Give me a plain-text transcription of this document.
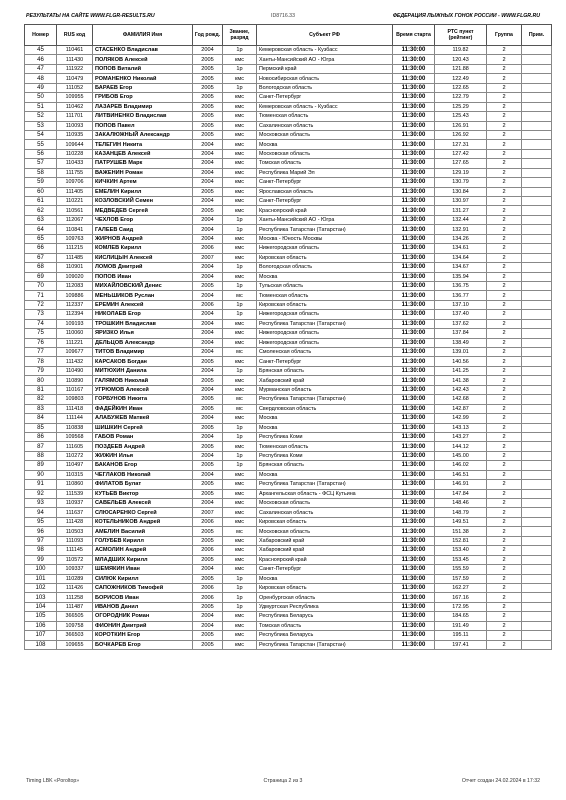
РЕЗУЛЬТАТЫ НА САЙТЕ WWW.FLGR-RESULTS.RU	ID8716.33	ФЕДЕРАЦИЯ ЛЫЖНЫХ ГОНОК РОССИИ - WWW.FLGR.RU
Номер	RUS код	ФАМИЛИЯ Имя	Год рожд.	Звание, разряд	Субъект РФ	Время старта	РТС пункт (рейтинг)	Группа	Прим.
45	110461	СТАСЕНКО Владислав	2004	1р	Кемеровская область - Кузбасс	11:30:00	119.82	2	
46	111430	ПОЛЯКОВ Алексей	2005	кмс	Ханты-Мансийский АО - Югра	11:30:00	120.43	2	
47	111922	ПОПОВ Виталий	2005	1р	Пермский край	11:30:00	121.88	2	
48	110479	РОМАНЕНКО Николай	2005	кмс	Новосибирская область	11:30:00	122.49	2	
49	111052	БАРАЕВ Егор	2005	1р	Вологодская область	11:30:00	122.65	2	
50	109955	ГРИБОВ Егор	2005	кмс	Санкт-Петербург	11:30:00	122.79	2	
51	110462	ЛАЗАРЕВ Владимир	2005	кмс	Кемеровская область - Кузбасс	11:30:00	125.29	2	
52	111701	ЛИТВИНЕНКО Владислав	2005	кмс	Тюменская область	11:30:00	125.43	2	
53	110093	ПОПОВ Павел	2005	кмс	Сахалинская область	11:30:00	126.91	2	
54	110935	ЗАКАЛЮЖНЫЙ Александр	2005	кмс	Московская область	11:30:00	126.92	2	
55	109644	ТЕЛЕГИН Никита	2004	кмс	Москва	11:30:00	127.31	2	
56	110228	КАЗАНЦЕВ Алексей	2004	кмс	Московская область	11:30:00	127.42	2	
57	110433	ПАТРУШЕВ Марк	2004	кмс	Томская область	11:30:00	127.65	2	
58	111755	ВАЖЕНИН Роман	2004	кмс	Республика Марий Эл	11:30:00	129.19	2	
59	109706	КИЧКИН Артем	2004	кмс	Санкт-Петербург	11:30:00	130.79	2	
60	111405	ЕМЕЛИН Кирилл	2005	кмс	Ярославская область	11:30:00	130.84	2	
61	110221	КОЗЛОВСКИЙ Семен	2004	кмс	Санкт-Петербург	11:30:00	130.97	2	
62	110561	МЕДВЕДЕВ Сергей	2005	кмс	Красноярский край	11:30:00	131.27	2	
63	112067	ЧЕХЛОВ Егор	2004	1р	Ханты-Мансийский АО - Югра	11:30:00	132.44	2	
64	110841	ГАЛЕЕВ Саид	2004	1р	Республика Татарстан (Татарстан)	11:30:00	132.91	2	
65	109763	ЖИРНОВ Андрей	2004	кмс	Москва - Юность Москвы	11:30:00	134.26	2	
66	111215	КОМЛЕВ Кирилл	2006	кмс	Нижегородская область	11:30:00	134.61	2	
67	111485	КИСЛИЦЫН Алексей	2007	кмс	Кировская область	11:30:00	134.64	2	
68	110901	ЛОМОВ Дмитрий	2004	1р	Вологодская область	11:30:00	134.67	2	
69	109020	ПОПОВ Иван	2004	кмс	Москва	11:30:00	135.94	2	
70	112083	МИХАЙЛОВСКИЙ Денис	2005	1р	Тульская область	11:30:00	136.75	2	
71	109886	МЕНЬШИКОВ Руслан	2004	мс	Тюменская область	11:30:00	136.77	2	
72	112337	ЕРЕМИН Алексей	2006	1р	Кировская область	11:30:00	137.10	2	
73	112394	НИКОЛАЕВ Егор	2004	1р	Нижегородская область	11:30:00	137.40	2	
74	109193	ТРОШКИН Владислав	2004	кмс	Республика Татарстан (Татарстан)	11:30:00	137.62	2	
75	110060	ЯРИЗКО Илья	2004	кмс	Нижегородская область	11:30:00	137.84	2	
76	111221	ДЕЛЬЦОВ Александр	2004	кмс	Нижегородская область	11:30:00	138.49	2	
77	109677	ТИТОВ Владимир	2004	мс	Смоленская область	11:30:00	139.01	2	
78	111432	КАРСАКОВ Богдан	2005	кмс	Санкт-Петербург	11:30:00	140.56	2	
79	110490	МИТЮХИН Данила	2004	1р	Брянская область	11:30:00	141.25	2	
80	110890	ГАЛЯМОВ Николай	2005	кмс	Хабаровский край	11:30:00	141.38	2	
81	110167	УГРЮМОВ Алексей	2004	кмс	Мурманская область	11:30:00	142.43	2	
82	109803	ГОРБУНОВ Никита	2005	мс	Республика Татарстан (Татарстан)	11:30:00	142.68	2	
83	111418	ФАДЕЙКИН Иван	2005	мс	Свердловская область	11:30:00	142.87	2	
84	111144	АЛАБУЖЕВ Матвей	2004	кмс	Москва	11:30:00	142.99	2	
85	110838	ШИШКИН Сергей	2005	1р	Москва	11:30:00	143.13	2	
86	109568	ГАБОВ Роман	2004	1р	Республика Коми	11:30:00	143.27	2	
87	111605	ПОЗДЕЕВ Андрей	2005	кмс	Тюменская область	11:30:00	144.12	2	
88	110272	ЖИЖИН Илья	2004	1р	Республика Коми	11:30:00	145.00	2	
89	110497	БАКАНОВ Егор	2005	1р	Брянская область	11:30:00	146.02	2	
90	110315	ЧЕГЛАКОВ Николай	2004	кмс	Москва	11:30:00	146.51	2	
91	110860	ФИЛАТОВ Булат	2005	кмс	Республика Татарстан (Татарстан)	11:30:00	146.91	2	
92	111539	КУТЬЕВ Виктор	2005	кмс	Архангельская область - ФСЦ Кутьина	11:30:00	147.84	2	
93	110937	САВЕЛЬЕВ Алексей	2004	кмс	Московская область	11:30:00	148.46	2	
94	111637	СЛЮСАРЕНКО Сергей	2007	кмс	Сахалинская область	11:30:00	148.79	2	
95	111428	КОТЕЛЬНИКОВ Андрей	2006	кмс	Кировская область	11:30:00	149.51	2	
96	110503	АМЕЛИН Василий	2005	мс	Московская область	11:30:00	151.38	2	
97	111093	ГОЛУБЕВ Кирилл	2005	кмс	Хабаровский край	11:30:00	152.81	2	
98	111145	АСМОЛИН Андрей	2006	кмс	Хабаровский край	11:30:00	153.40	2	
99	110572	МЛАДШИХ Кирилл	2005	кмс	Красноярский край	11:30:00	153.45	2	
100	109337	ШЕМЯКИН Иван	2004	кмс	Санкт-Петербург	11:30:00	155.59	2	
101	110289	СИЛЮК Кирилл	2005	1р	Москва	11:30:00	157.59	2	
102	111426	САПОЖНИКОВ Тимофей	2006	1р	Кировская область	11:30:00	162.27	2	
103	111258	БОРИСОВ Иван	2006	1р	Оренбургская область	11:30:00	167.16	2	
104	111487	ИВАНОВ Данил	2005	1р	Удмуртская Республика	11:30:00	172.95	2	
105	366505	ОГОРОДНИК Роман	2004	кмс	Республика Беларусь	11:30:00	184.65	2	
106	109758	ФИОНИН Дмитрий	2004	кмс	Томская область	11:30:00	191.49	2	
107	366503	КОРОТКИН Егор	2005	кмс	Республика Беларусь	11:30:00	195.11	2	
108	109655	БОЧКАРЕВ Егор	2005	кмс	Республика Татарстан (Татарстан)	11:30:00	197.41	2	
Timing LBK «Poroltop»	Страница 2 из 3	Отчет создан 24.02.2024 в 17:32
